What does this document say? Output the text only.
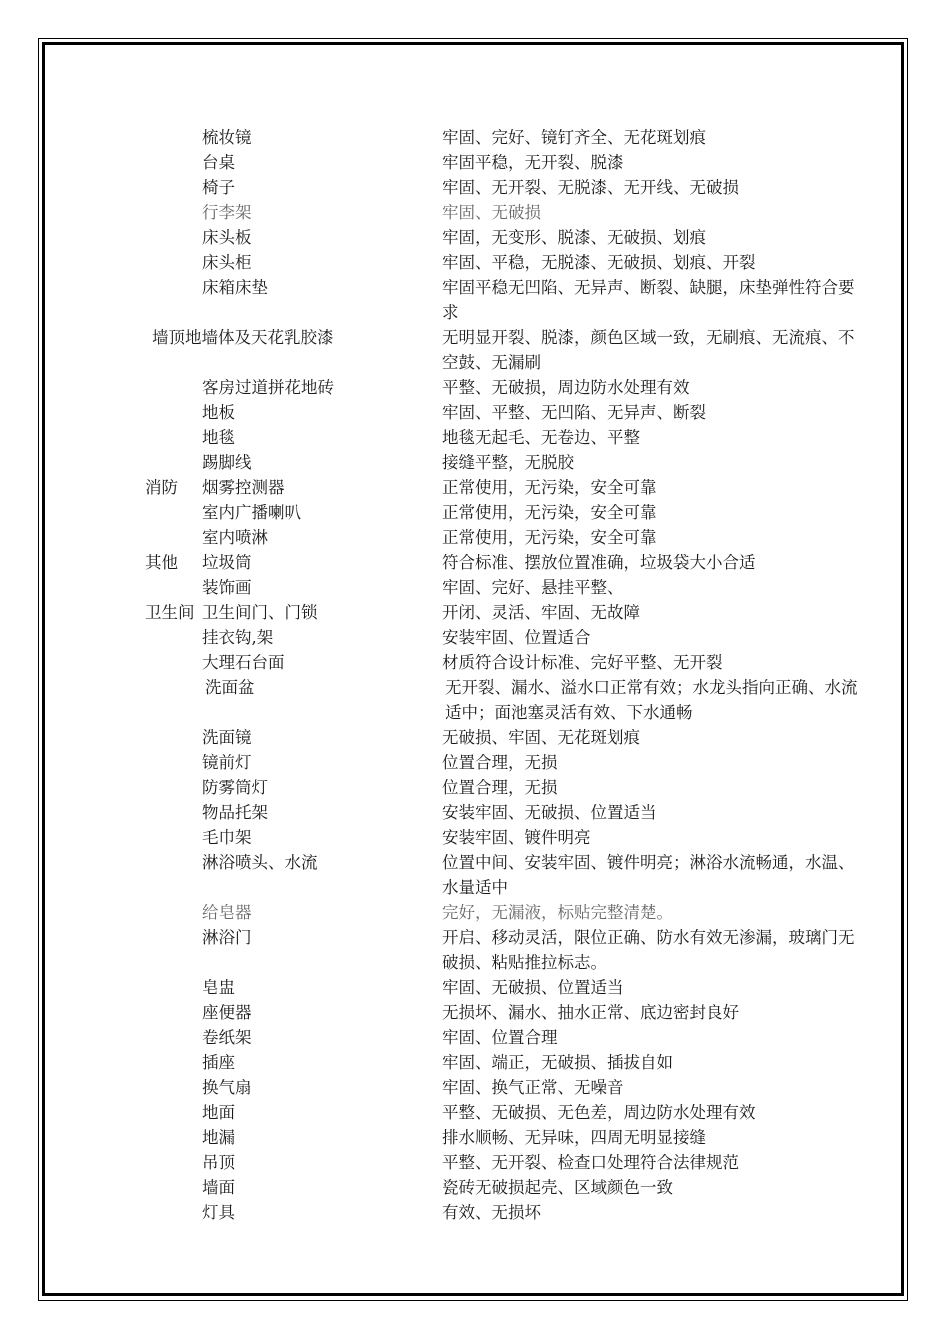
梳妆镜	牢固、完好、镜钉齐全、无花斑划痕
台桌	牢固平稳，无开裂、脱漆
椅子	牢固、无开裂、无脱漆、无开线、无破损
行李架	牢固、无破损
床头板	牢固，无变形、脱漆、无破损、划痕
床头柜	牢固、平稳，无脱漆、无破损、划痕、开裂
床箱床垫	牢固平稳无凹陷、无异声、断裂、缺腿，床垫弹性符合要求
墙顶地墙体及天花乳胶漆	无明显开裂、脱漆，颜色区域一致，无刷痕、无流痕、不空鼓、无漏刷
客房过道拼花地砖	平整、无破损，周边防水处理有效
地板	牢固、平整、无凹陷、无异声、断裂
地毯	地毯无起毛、无卷边、平整
踢脚线	接缝平整，无脱胶
消防 烟雾控测器	正常使用，无污染，安全可靠
室内广播喇叭	正常使用，无污染，安全可靠
室内喷淋	正常使用，无污染，安全可靠
其他 垃圾筒	符合标准、摆放位置准确，垃圾袋大小合适
装饰画	牢固、完好、悬挂平整、
卫生间 卫生间门、门锁	开闭、灵活、牢固、无故障
挂衣钩,架	安装牢固、位置适合
大理石台面	材质符合设计标准、完好平整、无开裂
洗面盆	无开裂、漏水、溢水口正常有效；水龙头指向正确、水流适中；面池塞灵活有效、下水通畅
洗面镜	无破损、牢固、无花斑划痕
镜前灯	位置合理，无损
防雾筒灯	位置合理，无损
物品托架	安装牢固、无破损、位置适当
毛巾架	安装牢固、镀件明亮
淋浴喷头、水流	位置中间、安装牢固、镀件明亮；淋浴水流畅通，水温、水量适中
给皂器	完好，无漏液，标贴完整清楚。
淋浴门	开启、移动灵活，限位正确、防水有效无渗漏，玻璃门无破损、粘贴推拉标志。
皂盅	牢固、无破损、位置适当
座便器	无损坏、漏水、抽水正常、底边密封良好
卷纸架	牢固、位置合理
插座	牢固、端正，无破损、插拔自如
换气扇	牢固、换气正常、无噪音
地面	平整、无破损、无色差，周边防水处理有效
地漏	排水顺畅、无异味，四周无明显接缝
吊顶	平整、无开裂、检查口处理符合法律规范
墙面	瓷砖无破损起壳、区域颜色一致
灯具	有效、无损坏
